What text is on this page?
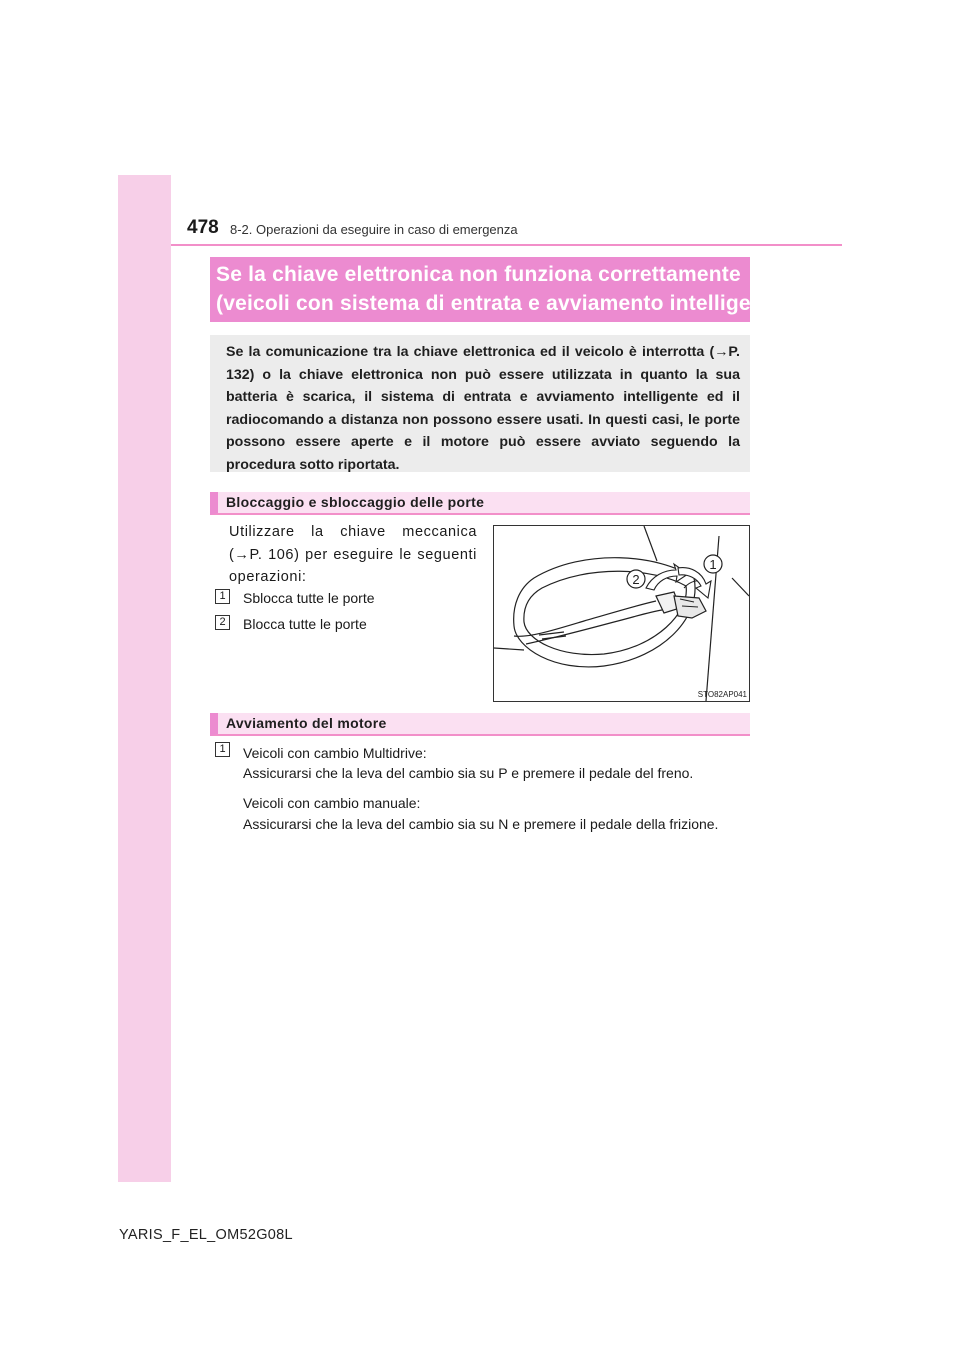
478 8-2. Operazioni da eseguire in caso di emergenza
Se la chiave elettronica non funziona correttamente
(veicoli con sistema di entrata e avviamento intelligente)
Se la comunicazione tra la chiave elettronica ed il veicolo è interrotta (→P. 132) o la chiave elettronica non può essere utilizzata in quanto la sua batteria è scarica, il sistema di entrata e avviamento intelligente ed il radiocomando a distanza non possono essere usati. In questi casi, le porte possono essere aperte e il motore può essere avviato seguendo la procedura sotto riportata.
Bloccaggio e sbloccaggio delle porte
Utilizzare la chiave meccanica (→P. 106) per eseguire le seguenti operazioni:
1	Sblocca tutte le porte
2	Blocca tutte le porte
2
1
STO82AP041
Avviamento del motore
1	Veicoli con cambio Multidrive:
Assicurarsi che la leva del cambio sia su P e premere il pedale del freno.
Veicoli con cambio manuale:
Assicurarsi che la leva del cambio sia su N e premere il pedale della frizione.
YARIS_F_EL_OM52G08L
